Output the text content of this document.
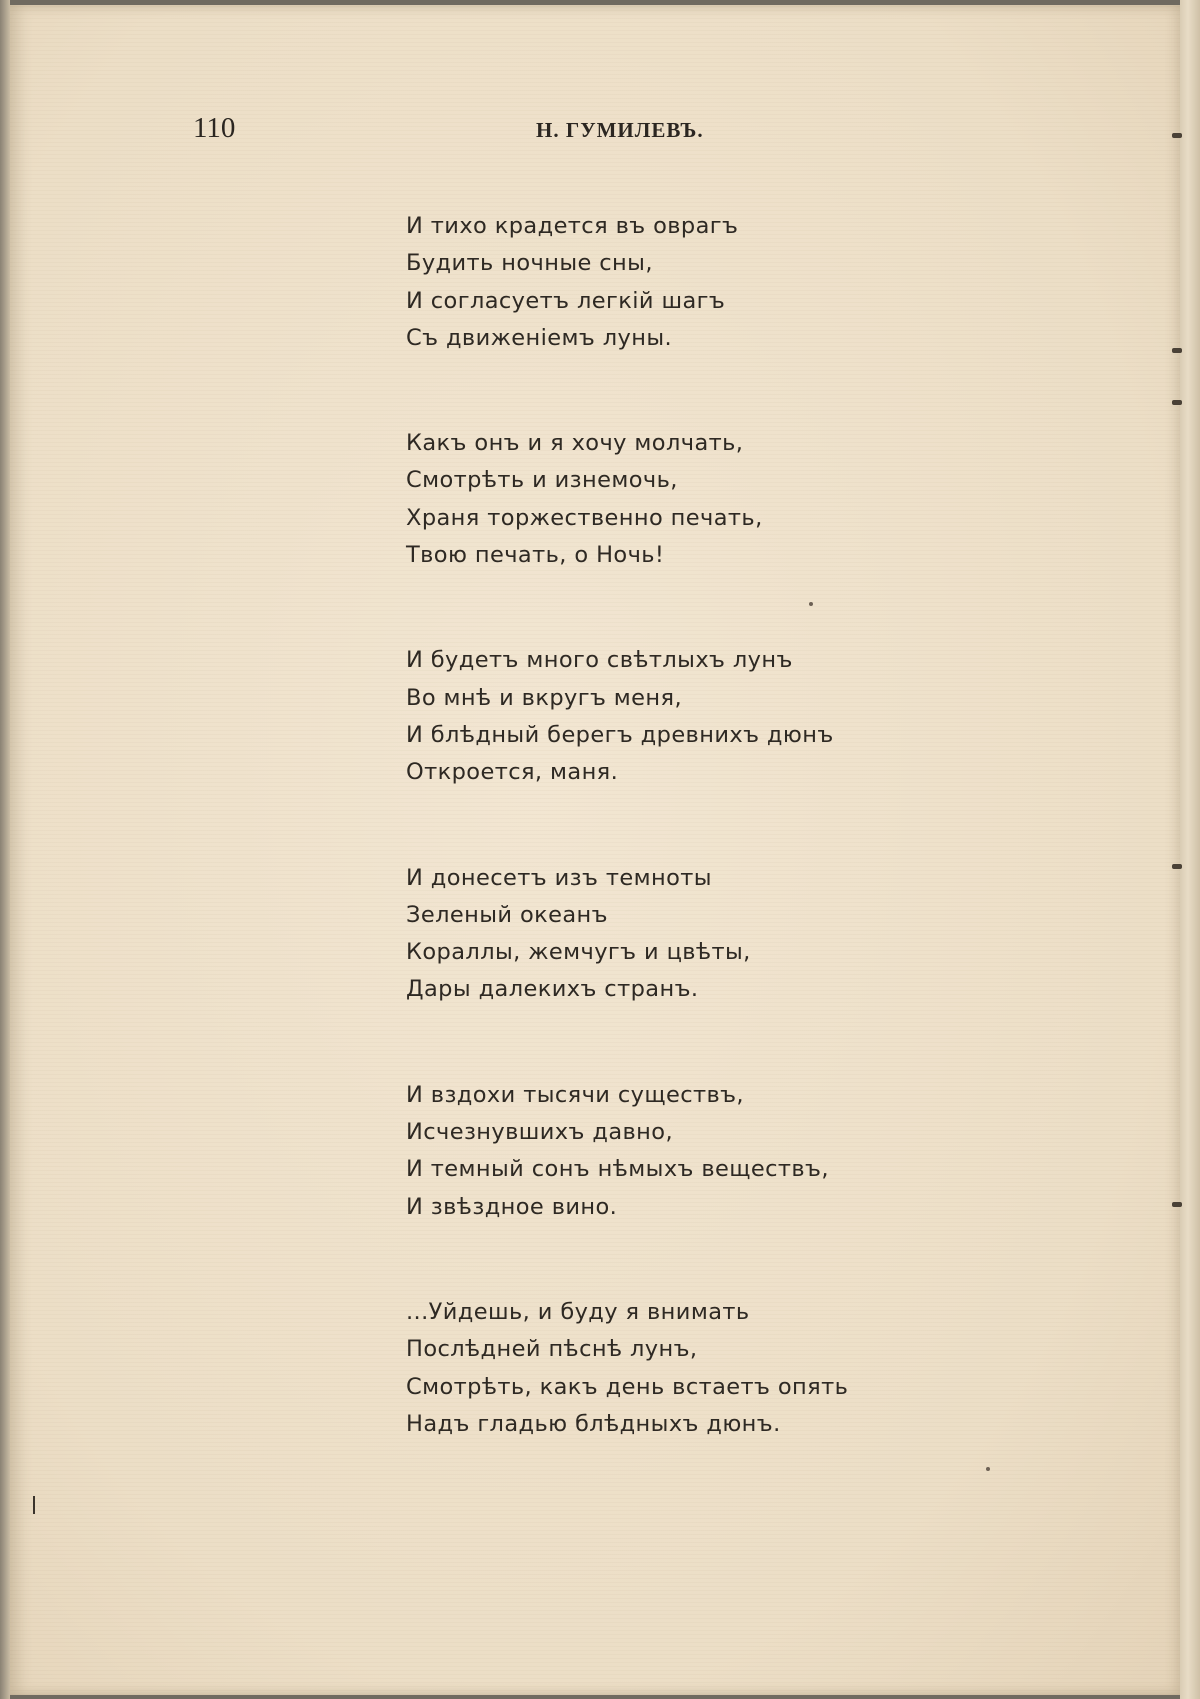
110	Н. ГУМИЛЕВЪ.
И тихо крадется въ оврагъ
Будить ночные сны,
И согласуетъ легкій шагъ
Съ движеніемъ луны.
Какъ онъ и я хочу молчать,
Смотрѣть и изнемочь,
Храня торжественно печать,
Твою печать, о Ночь!
И будетъ много свѣтлыхъ лунъ
Во мнѣ и вкругъ меня,
И блѣдный берегъ древнихъ дюнъ
Откроется, маня.
И донесетъ изъ темноты
Зеленый океанъ
Кораллы, жемчугъ и цвѣты,
Дары далекихъ странъ.
И вздохи тысячи существъ,
Исчезнувшихъ давно,
И темный сонъ нѣмыхъ веществъ,
И звѣздное вино.
...Уйдешь, и буду я внимать
Послѣдней пѣснѣ лунъ,
Смотрѣть, какъ день встаетъ опять
Надъ гладью блѣдныхъ дюнъ.
